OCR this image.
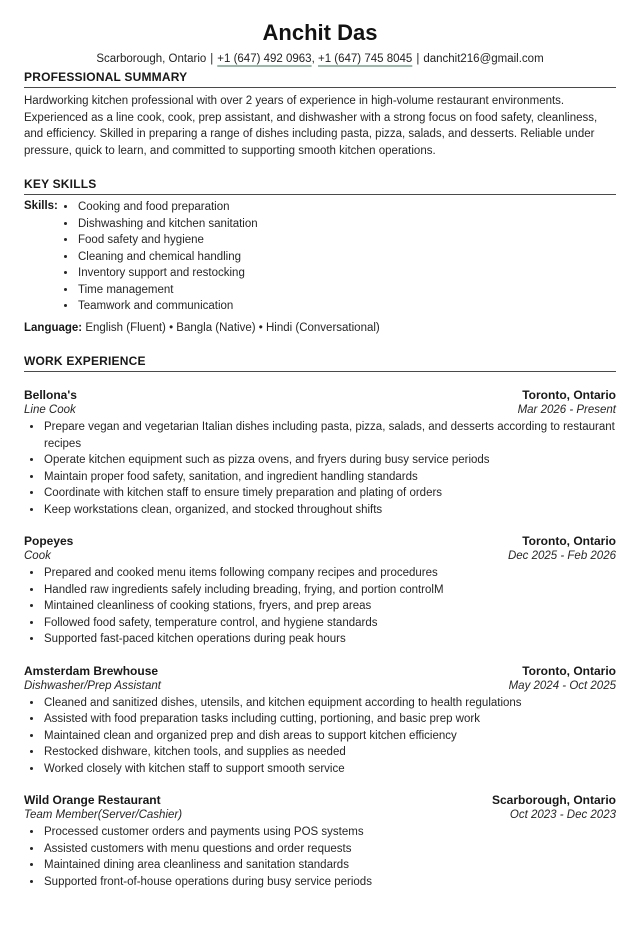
Anchit Das
Scarborough, Ontario | +1 (647) 492 0963, +1 (647) 745 8045 | danchit216@gmail.com
PROFESSIONAL SUMMARY

Hardworking kitchen professional with over 2 years of experience in high-volume restaurant environments. Experienced as a line cook, cook, prep assistant, and dishwasher with a strong focus on food safety, cleanliness, and efficiency. Skilled in preparing a range of dishes including pasta, pizza, salads, and desserts. Reliable under pressure, quick to learn, and committed to supporting smooth kitchen operations.

KEY SKILLS
Skills: • Cooking and food preparation
• Dishwashing and kitchen sanitation
• Food safety and hygiene
• Cleaning and chemical handling
• Inventory support and restocking
• Time management
• Teamwork and communication
Language: English (Fluent) • Bangla (Native) • Hindi (Conversational)
WORK EXPERIENCE
Bellona's	Toronto, Ontario
Line Cook	Mar 2026 - Present
• Prepare vegan and vegetarian Italian dishes including pasta, pizza, salads, and desserts according to restaurant recipes
• Operate kitchen equipment such as pizza ovens, and fryers during busy service periods
• Maintain proper food safety, sanitation, and ingredient handling standards
• Coordinate with kitchen staff to ensure timely preparation and plating of orders
• Keep workstations clean, organized, and stocked throughout shifts
Popeyes	Toronto, Ontario
Cook	Dec 2025 - Feb 2026
• Prepared and cooked menu items following company recipes and procedures
• Handled raw ingredients safely including breading, frying, and portion controlM
• Mintained cleanliness of cooking stations, fryers, and prep areas
• Followed food safety, temperature control, and hygiene standards
• Supported fast-paced kitchen operations during peak hours
Amsterdam Brewhouse	Toronto, Ontario
Dishwasher/Prep Assistant	May 2024 - Oct 2025
• Cleaned and sanitized dishes, utensils, and kitchen equipment according to health regulations
• Assisted with food preparation tasks including cutting, portioning, and basic prep work
• Maintained clean and organized prep and dish areas to support kitchen efficiency
• Restocked dishware, kitchen tools, and supplies as needed
• Worked closely with kitchen staff to support smooth service
Wild Orange Restaurant	Scarborough, Ontario
Team Member(Server/Cashier)	Oct 2023 - Dec 2023
• Processed customer orders and payments using POS systems
• Assisted customers with menu questions and order requests
• Maintained dining area cleanliness and sanitation standards
• Supported front-of-house operations during busy service periods
